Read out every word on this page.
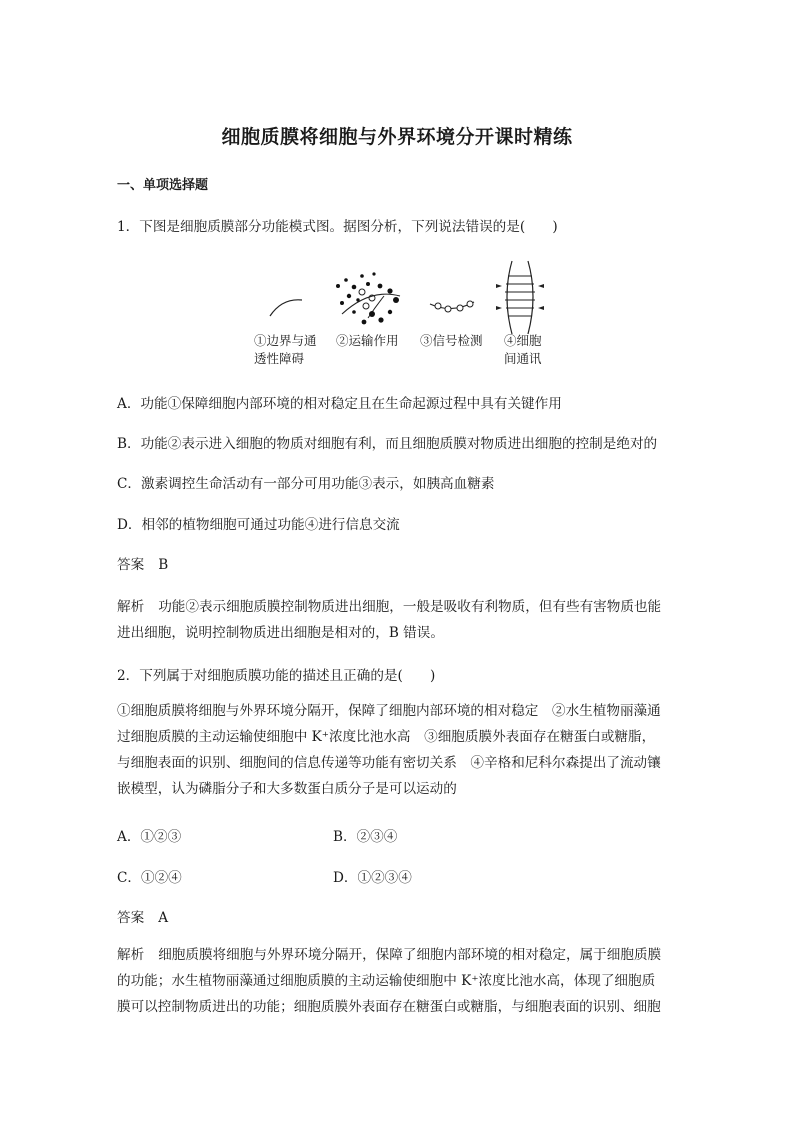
细胞质膜将细胞与外界环境分开课时精练
一、单项选择题
1．下图是细胞质膜部分功能模式图。据图分析，下列说法错误的是(　　)
①边界与通
透性障碍
②运输作用 ③信号检测 ④细胞
间通讯
A．功能①保障细胞内部环境的相对稳定且在生命起源过程中具有关键作用
B．功能②表示进入细胞的物质对细胞有利，而且细胞质膜对物质进出细胞的控制是绝对的
C．激素调控生命活动有一部分可用功能③表示，如胰高血糖素
D．相邻的植物细胞可通过功能④进行信息交流
答案 B
解析 功能②表示细胞质膜控制物质进出细胞，一般是吸收有利物质，但有些有害物质也能
进出细胞，说明控制物质进出细胞是相对的，B 错误。
2．下列属于对细胞质膜功能的描述且正确的是(　　)
①细胞质膜将细胞与外界环境分隔开，保障了细胞内部环境的相对稳定　②水生植物丽藻通
过细胞质膜的主动运输使细胞中 K⁺浓度比池水高　③细胞质膜外表面存在糖蛋白或糖脂，
与细胞表面的识别、细胞间的信息传递等功能有密切关系　④辛格和尼科尔森提出了流动镶
嵌模型，认为磷脂分子和大多数蛋白质分子是可以运动的
A．①②③	B．②③④
C．①②④	D．①②③④
答案 A
解析 细胞质膜将细胞与外界环境分隔开，保障了细胞内部环境的相对稳定，属于细胞质膜
的功能；水生植物丽藻通过细胞质膜的主动运输使细胞中 K⁺浓度比池水高，体现了细胞质
膜可以控制物质进出的功能；细胞质膜外表面存在糖蛋白或糖脂，与细胞表面的识别、细胞
